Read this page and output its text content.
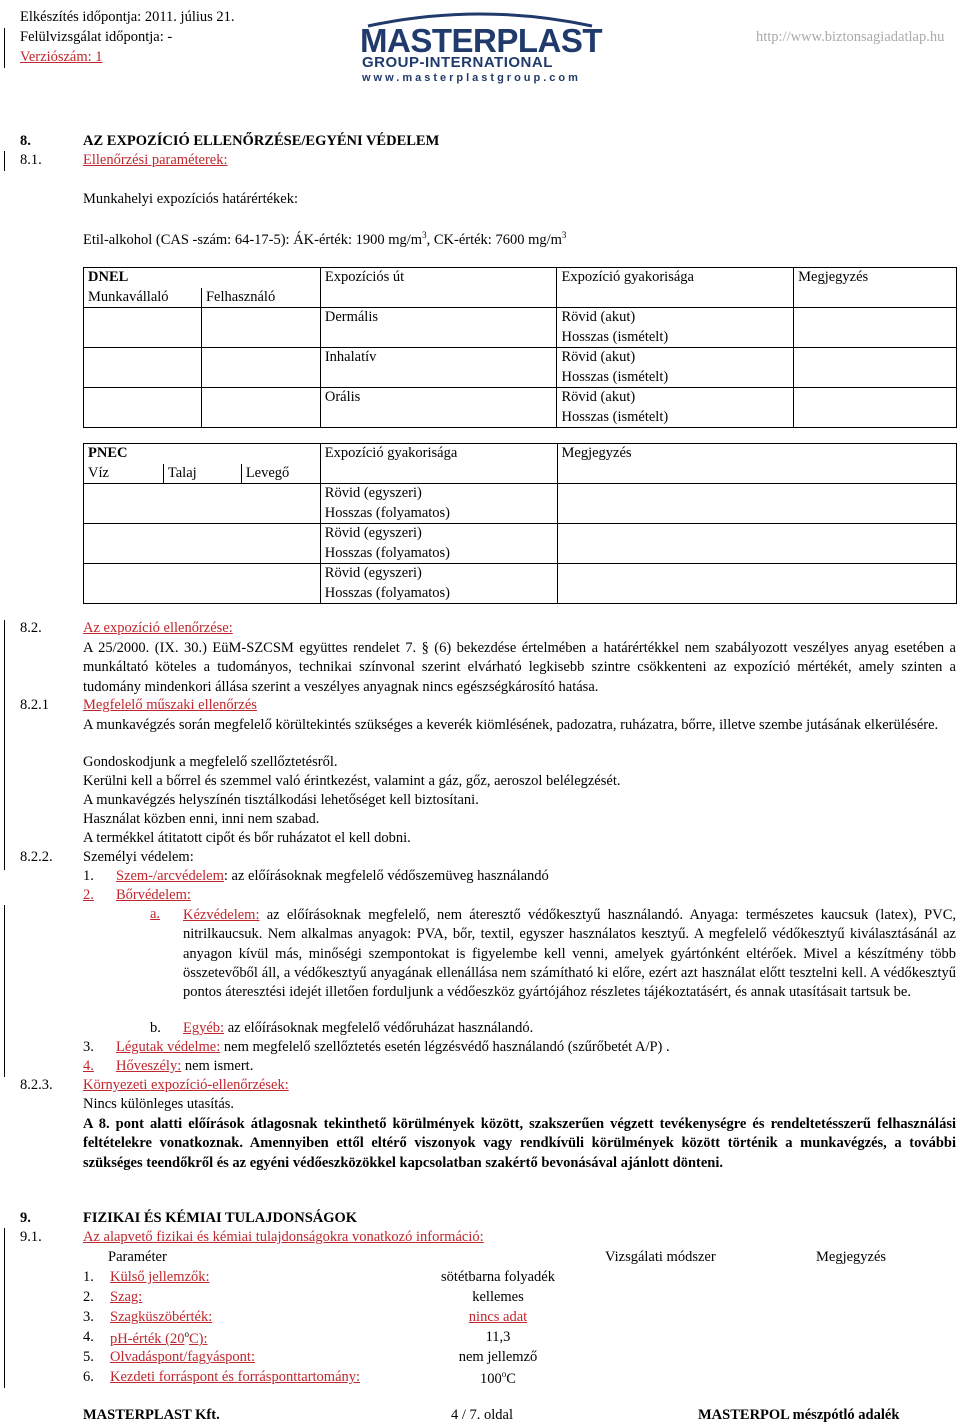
Elkészítés időpontja: 2011. július 21.
Felülvizsgálat időpontja: -
Verziószám: 1	MASTERPLAST
GROUP-INTERNATIONAL
www.masterplastgroup.com
http://www.biztonsagiadatlap.hu
8.	AZ EXPOZÍCIÓ ELLENŐRZÉSE/EGYÉNI VÉDELEM
8.1.	Ellenőrzési paraméterek:
Munkahelyi expozíciós határértékek:
Etil-alkohol (CAS -szám: 64-17-5): ÁK-érték: 1900 $mg/m^3$, CK-érték: 7600 $mg/m^3$
DNEL		Expozíciós út	Expozíció gyakorisága	Megjegyzés
Munkavállaló	Felhasználó			
		Dermális	Rövid (akut)
Hosszas (ismételt)	

		Inhalatív	Rövid (akut)
Hosszas (ismételt)	

		Orális	Rövid (akut)
Hosszas (ismételt)	

PNEC			Expozíció gyakorisága	Megjegyzés
Víz	Talaj	Levegő		

			Rövid (egyszeri)
Hosszas (folyamatos)	

			Rövid (egyszeri)
Hosszas (folyamatos)	

			Rövid (egyszeri)
Hosszas (folyamatos)	

8.2.	Az expozíció ellenőrzése:
A 25/2000. (IX. 30.) EüM-SZCSM együttes rendelet 7. § (6) bekezdése értelmében a határértékkel nem szabályozott veszélyes anyag esetében a munkáltató köteles a tudományos, technikai színvonal szerint elvárható legkisebb szintre csökkenteni az expozíció mértékét, amely szinten a tudomány mindenkori állása szerint a veszélyes anyagnak nincs egészségkárosító hatása.
8.2.1 Megfelelő műszaki ellenőrzés
A munkavégzés során megfelelő körültekintés szükséges a keverék kiömlésének, padozatra, ruházatra, bőrre, illetve szembe jutásának elkerülésére.
Gondoskodjunk a megfelelő szellőztetésről.
Kerülni kell a bőrrel és szemmel való érintkezést, valamint a gáz, gőz, aeroszol belélegzését.
A munkavégzés helyszínén tisztálkodási lehetőséget kell biztosítani.
Használat közben enni, inni nem szabad.
A termékkel átitatott cipőt és bőr ruházatot el kell dobni.
8.2.2. Személyi védelem:
1. Szem-/arcvédelem: az előírásoknak megfelelő védőszemüveg használandó
2. Bőrvédelem:
a. Kézvédelem: az előírásoknak megfelelő, nem áteresztő védőkesztyű használandó. Anyaga: természetes kaucsuk (latex), PVC, nitrilkaucsuk. Nem alkalmas anyagok: PVA, bőr, textil, egyszer használatos kesztyű. A megfelelő védőkesztyű kiválasztásánál az anyagon kívül más, minőségi szempontokat is figyelembe kell venni, amelyek gyártónként eltérőek. Mivel a készítmény több összetevőből áll, a védőkesztyű anyagának ellenállása nem számítható ki előre, ezért azt használat előtt tesztelni kell. A védőkesztyű pontos áteresztési idejét illetően forduljunk a védőeszköz gyártójához részletes tájékoztatásért, és annak utasításait tartsuk be.
b. Egyéb: az előírásoknak megfelelő védőruházat használandó.
3. Légutak védelme: nem megfelelő szellőztetés esetén légzésvédő használandó (szűrőbetét A/P) .
4. Hőveszély: nem ismert.
8.2.3. Környezeti expozíció-ellenőrzések:
Nincs különleges utasítás.
A 8. pont alatti előírások átlagosnak tekinthető körülmények között, szakszerűen végzett tevékenységre és rendeltetésszerű felhasználási feltételekre vonatkoznak. Amennyiben ettől eltérő viszonyok vagy rendkívüli körülmények között történik a munkavégzés, a további szükséges teendőkről és az egyéni védőeszközökkel kapcsolatban szakértő bevonásával ajánlott dönteni.
9.	FIZIKAI ÉS KÉMIAI TULAJDONSÁGOK
9.1.	Az alapvető fizikai és kémiai tulajdonságokra vonatkozó információ:
Paraméter	Vizsgálati módszer	Megjegyzés
1. Külső jellemzők:	sötétbarna folyadék
2. Szag:	kellemes
3. Szagküszöbérték:	nincs adat
4. pH-érték (20$^o$C):	11,3
5. Olvadáspont/fagyáspont:	nem jellemző
6. Kezdeti forráspont és forrásponttartomány:	100$^o$C
MASTERPLAST Kft.	4 / 7. oldal	MASTERPOL mészpótló adalék
